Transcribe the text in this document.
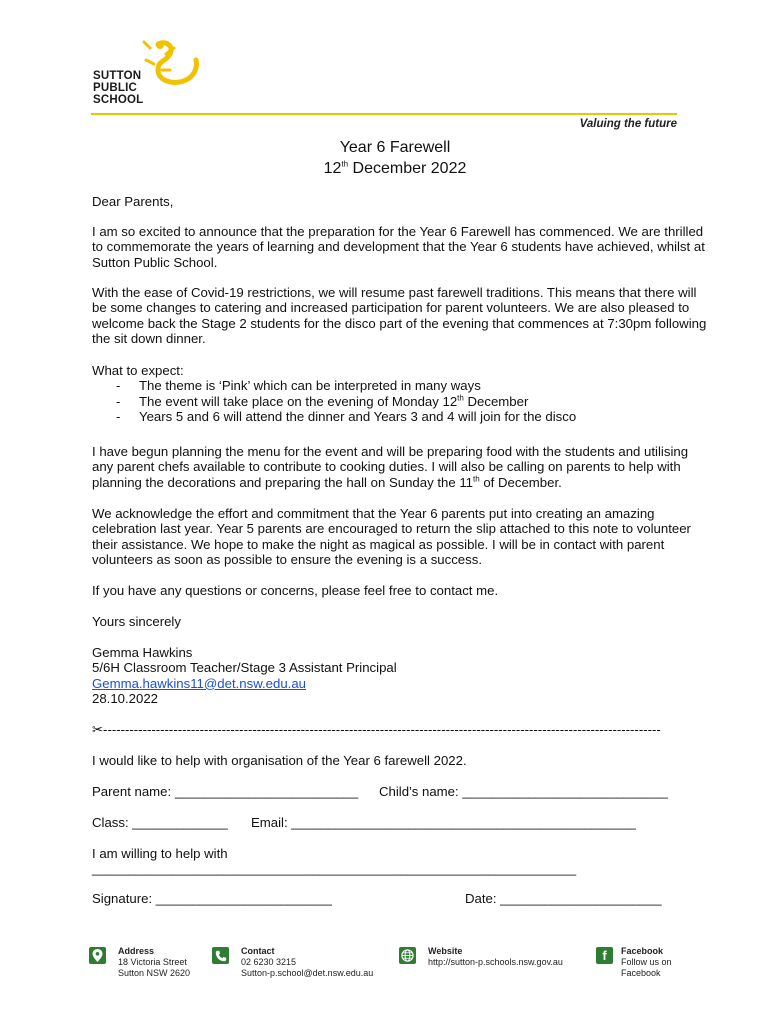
SUTTON
PUBLIC
SCHOOL
Valuing the future
Year 6 Farewell
12th December 2022
Dear Parents,

I am so excited to announce that the preparation for the Year 6 Farewell has commenced. We are thrilled to commemorate the years of learning and development that the Year 6 students have achieved, whilst at Sutton Public School.

With the ease of Covid-19 restrictions, we will resume past farewell traditions. This means that there will be some changes to catering and increased participation for parent volunteers. We are also pleased to welcome back the Stage 2 students for the disco part of the evening that commences at 7:30pm following the sit down dinner.

What to expect:
- The theme is ‘Pink’ which can be interpreted in many ways
- The event will take place on the evening of Monday 12th December
- Years 5 and 6 will attend the dinner and Years 3 and 4 will join for the disco

I have begun planning the menu for the event and will be preparing food with the students and utilising any parent chefs available to contribute to cooking duties. I will also be calling on parents to help with planning the decorations and preparing the hall on Sunday the 11th of December.

We acknowledge the effort and commitment that the Year 6 parents put into creating an amazing celebration last year. Year 5 parents are encouraged to return the slip attached to this note to volunteer their assistance. We hope to make the night as magical as possible. I will be in contact with parent volunteers as soon as possible to ensure the evening is a success.

If you have any questions or concerns, please feel free to contact me.

Yours sincerely
Gemma Hawkins
5/6H Classroom Teacher/Stage 3 Assistant Principal
Gemma.hawkins11@det.nsw.edu.au
28.10.2022
✂-------------------------------------------------------------------------------------------------------------------------------
I would like to help with organisation of the Year 6 farewell 2022.
Parent name: _________________________	Child’s name: ____________________________
Class: _____________	Email: _______________________________________________
I am willing to help with
__________________________________________________________________
Signature: ________________________	Date: ______________________
Address
18 Victoria Street
Sutton NSW 2620
Contact
02 6230 3215
Sutton-p.school@det.nsw.edu.au
Website
http://sutton-p.schools.nsw.gov.au	f Facebook
Follow us on
Facebook
